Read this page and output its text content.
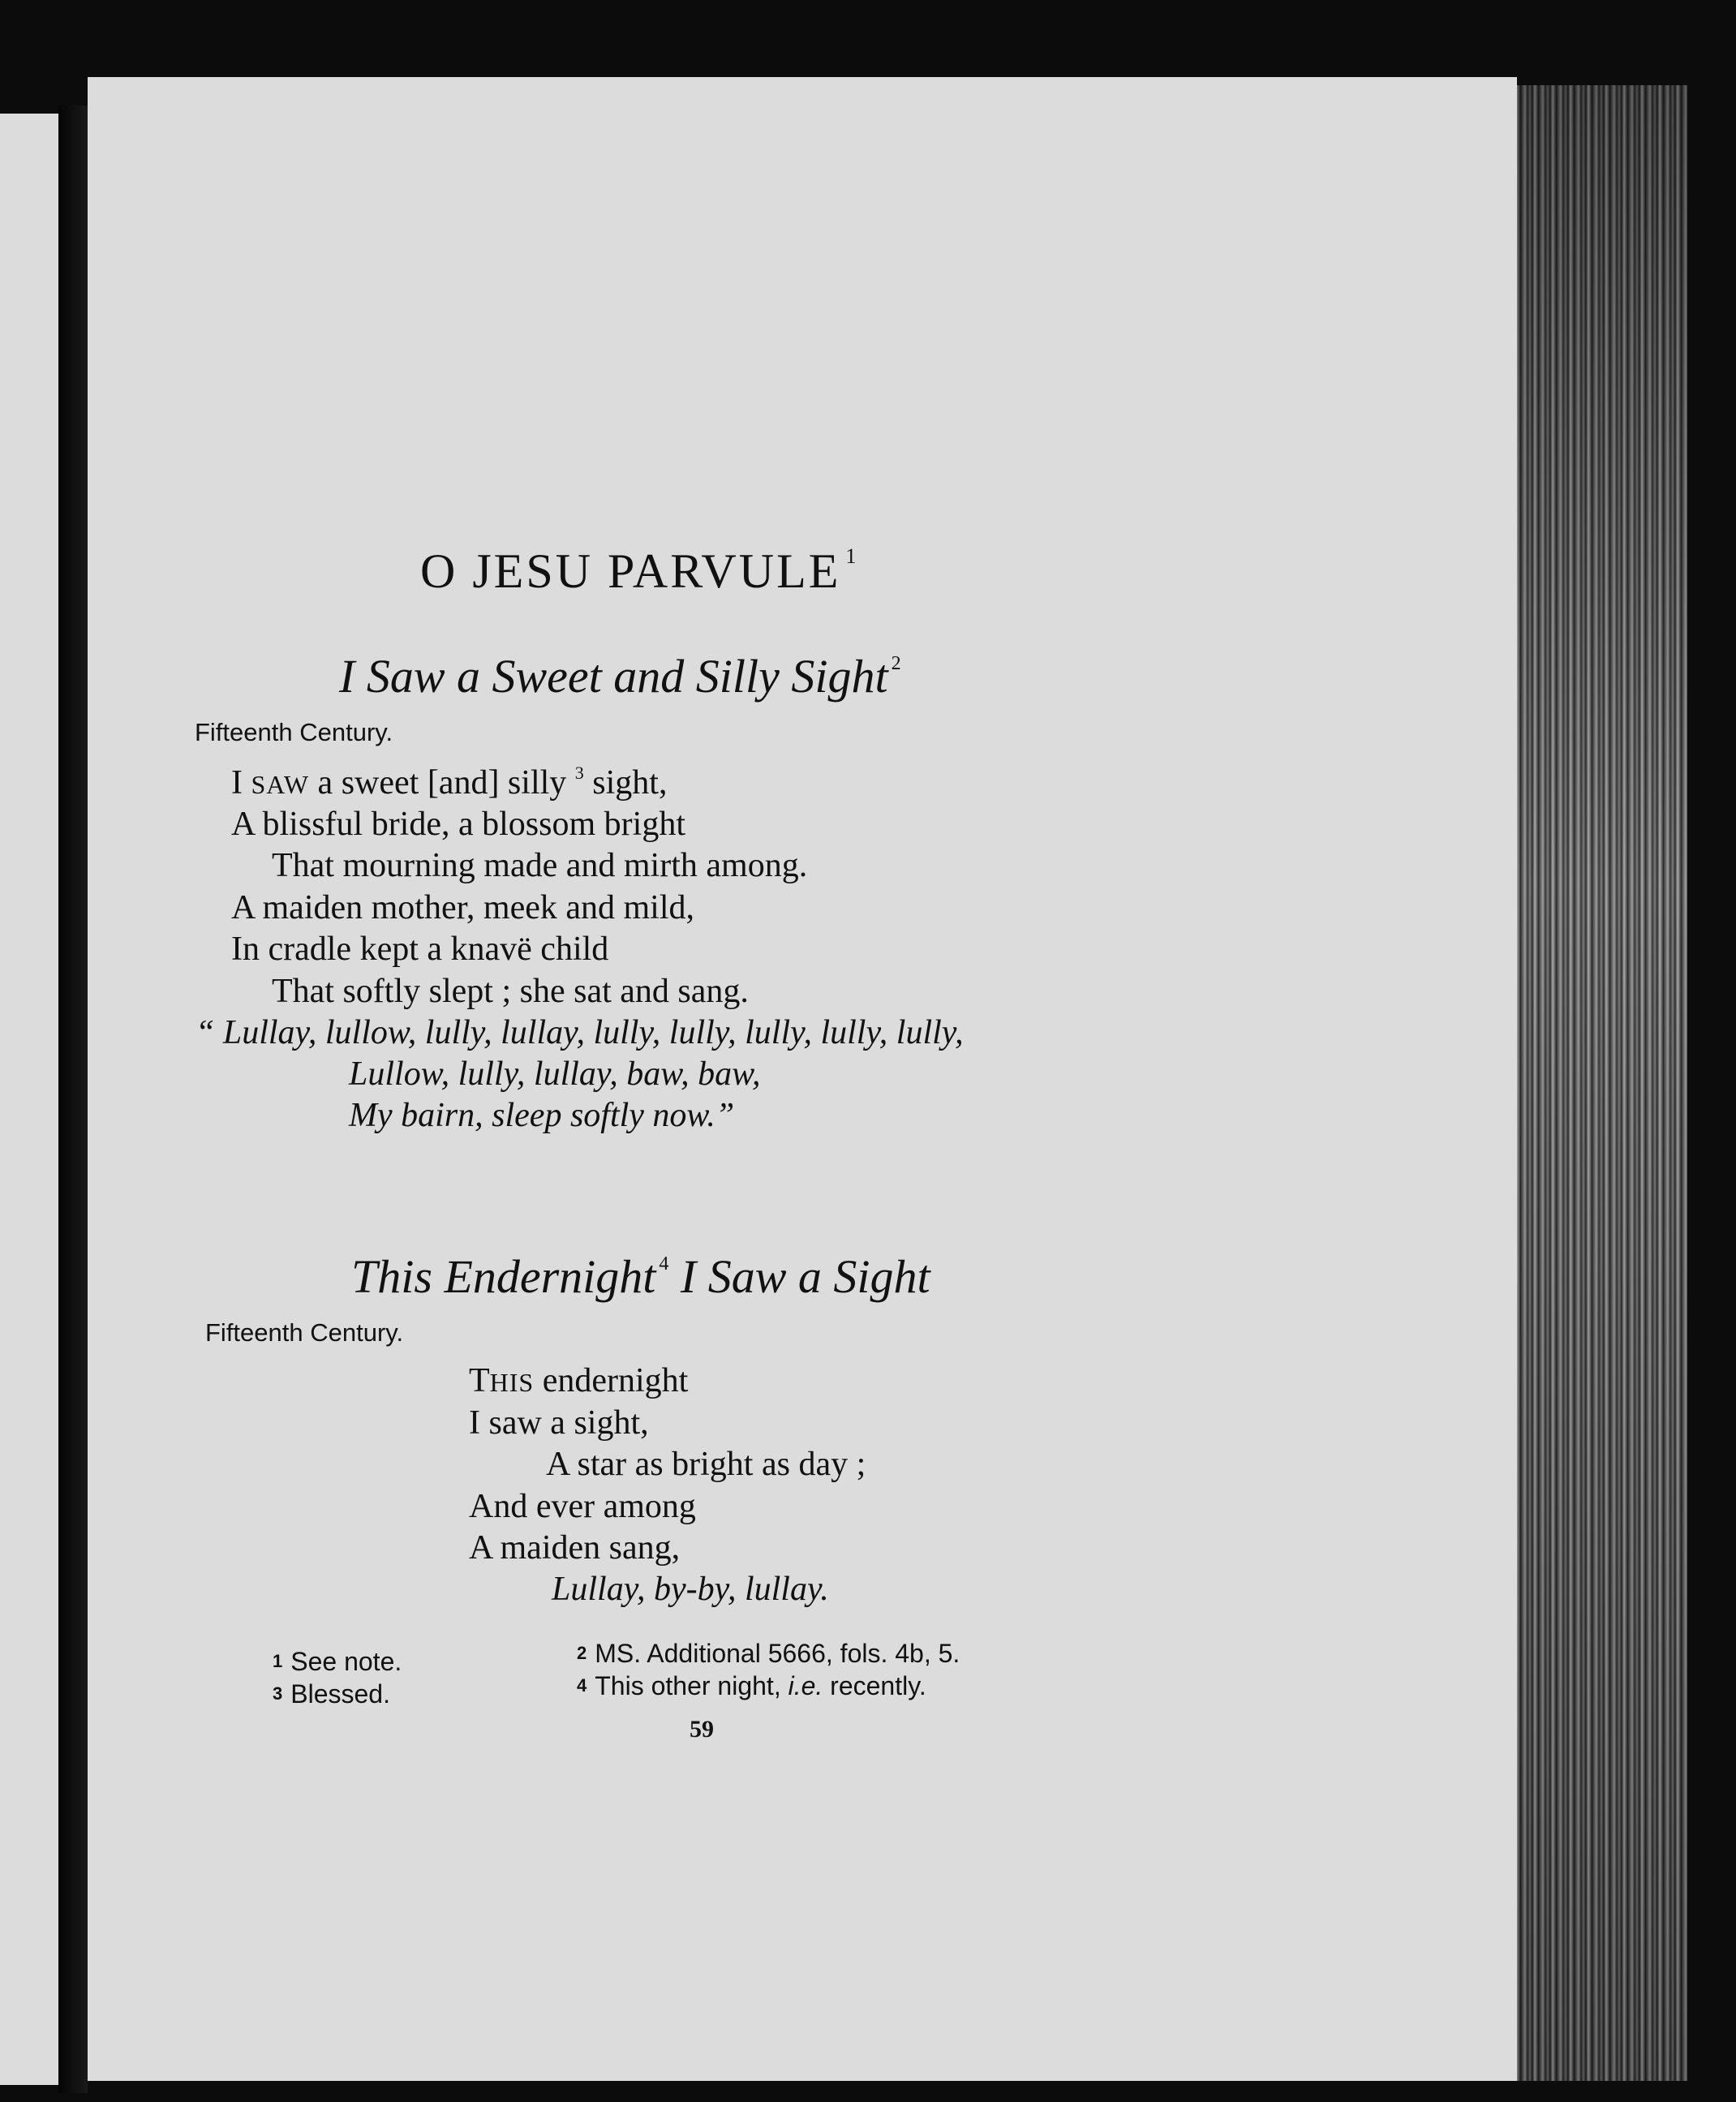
O JESU PARVULE $^1$
I Saw a Sweet and Silly Sight $^2$
Fifteenth Century.
I SAW a sweet [and] silly $^3$ sight,
A blissful bride, a blossom bright
That mourning made and mirth among.
A maiden mother, meek and mild,
In cradle kept a knavë child
That softly slept ; she sat and sang.
“ Lullay, lullow, lully, lullay, lully, lully, lully, lully, lully,
Lullow, lully, lullay, baw, baw,
My bairn, sleep softly now.”
This Endernight $^4$ I Saw a Sight
Fifteenth Century.
THIS endernight
I saw a sight,
A star as bright as day ;
And ever among
A maiden sang,
Lullay, by-by, lullay.
1 See note.
3 Blessed.
2 MS. Additional 5666, fols. 4b, 5.
4 This other night, i.e. recently.
59
